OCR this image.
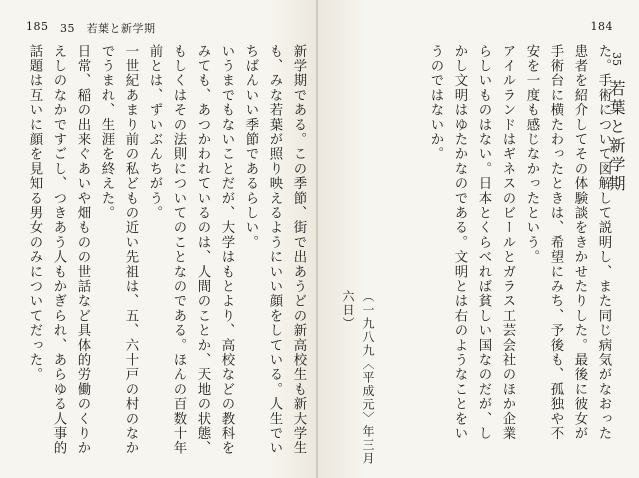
185 35　若葉と新学期

新学期である。この季節、街で出あうどの新高校生も新大学生も、みな若葉が照り映えるようにいい顔をしている。人生でいちばんいい季節であるらしい。

いうまでもないことだが、大学はもとより、高校などの教科をみても、あつかわれているのは、人間のことか、天地の状態、もしくはその法則についてのことなのである。ほんの百数十年前とは、ずいぶんちがう。

一世紀あまり前の私どもの近い先祖は、五、六十戸の村のなかでうまれ、生涯を終えた。

日常、稲の出来ぐあいや畑ものの世話など具体的労働のくりかえしのなかですごし、つきあう人もかぎられ、あらゆる人事的話題は互いに顔を見知る男女のみについてだった。

184
35 若葉と新学期

た。手術について図解して説明し、また同じ病気がなおった患者を紹介してその体験談をきかせたりした。最後に彼女が手術台に横たわったときは、希望にみち、予後も、孤独や不安を一度も感じなかったという。

アイルランドはギネスのビールとガラス工芸会社のほか企業らしいものはない。日本とくらべれば貧しい国なのだが、しかし文明はゆたかなのである。文明とは右のようなことをいうのではないか。

（一九八九〈平成元〉年三月六日）
